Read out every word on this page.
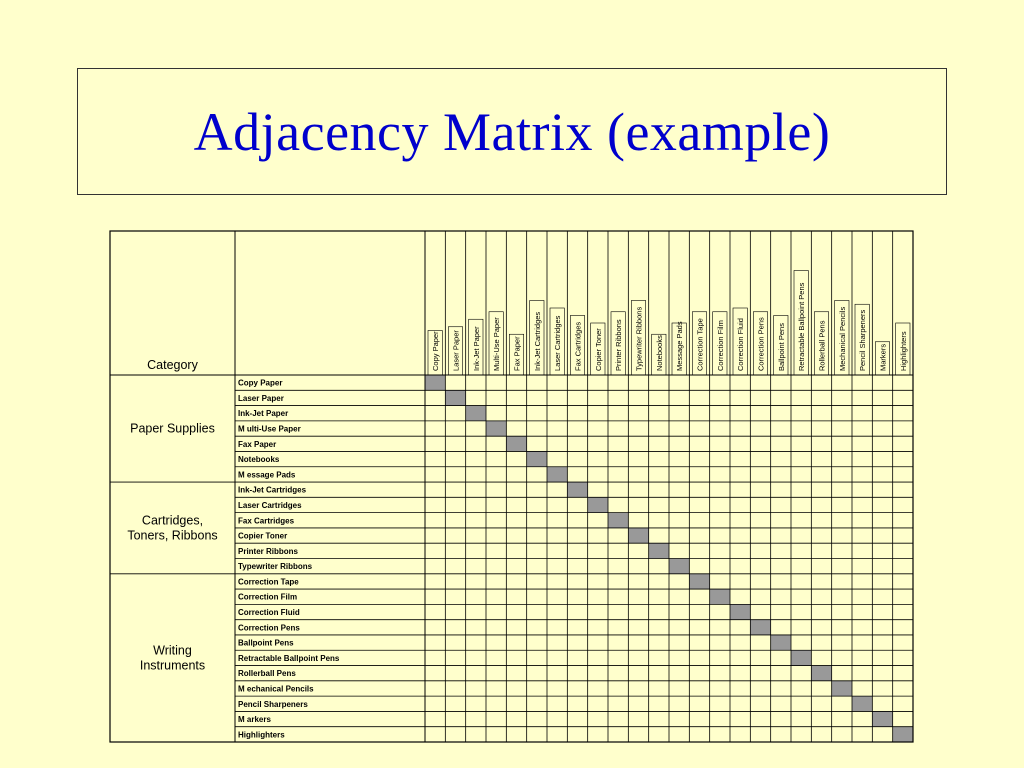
Adjacency Matrix (example)
Category
Paper Supplies
Cartridges,
Toners, Ribbons
Writing
Instruments
Copy Paper
Laser Paper
Ink-Jet Paper
M ulti-Use Paper
Fax Paper
Notebooks
M essage Pads
Ink-Jet Cartridges
Laser Cartridges
Fax Cartridges
Copier Toner
Printer Ribbons
Typewriter Ribbons
Correction Tape
Correction Film
Correction Fluid
Correction Pens
Ballpoint Pens
Retractable Ballpoint Pens
Rollerball Pens
M echanical Pencils
Pencil Sharpeners
M arkers
Highlighters
Copy Paper Laser Paper Ink-Jet Paper Multi-Use Paper Fax Paper Ink-Jet Cartridges Laser Cartridges Fax Cartridges Copier Toner Printer Ribbons Typewriter Ribbons Notebooks Message Pads Correction Tape Correction Film Correction Fluid Correction Pens Ballpoint Pens Retractable Ballpoint Pens Rollerball Pens Mechanical Pencils Pencil Sharpeners Markers Highlighters
